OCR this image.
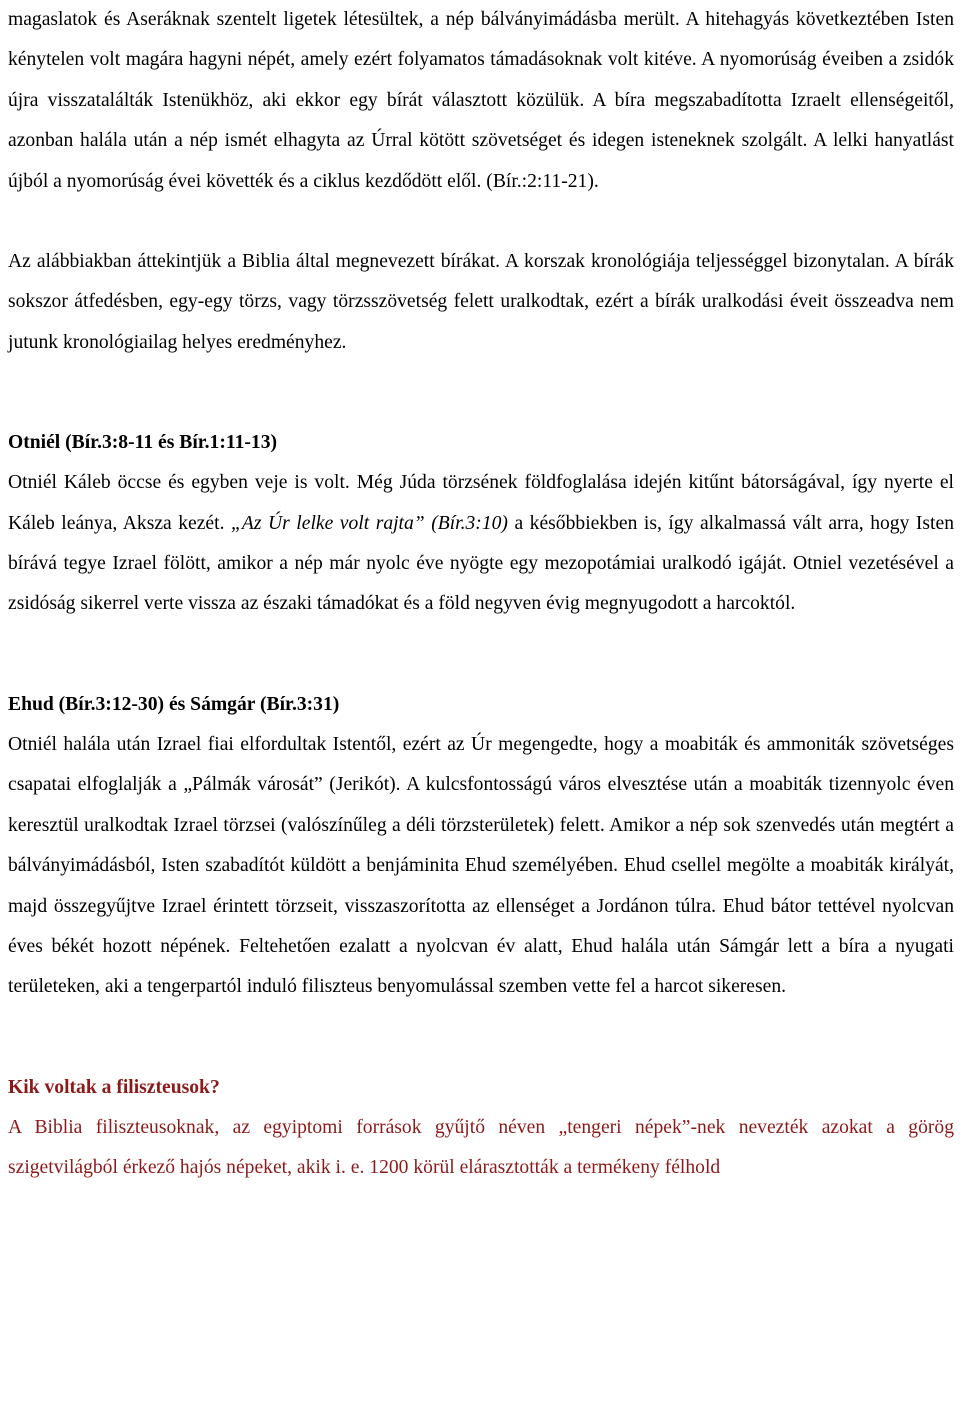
magaslatok és Aseráknak szentelt ligetek létesültek, a nép bálványimádásba merült. A hitehagyás következtében Isten kénytelen volt magára hagyni népét, amely ezért folyamatos támadásoknak volt kitéve. A nyomorúság éveiben a zsidók újra visszatalálták Istenükhöz, aki ekkor egy bírát választott közülük. A bíra megszabadította Izraelt ellenségeitől, azonban halála után a nép ismét elhagyta az Úrral kötött szövetséget és idegen isteneknek szolgált. A lelki hanyatlást újból a nyomorúság évei követték és a ciklus kezdődött elől. (Bír.:2:11-21).

Az alábbiakban áttekintjük a Biblia által megnevezett bírákat. A korszak kronológiája teljességgel bizonytalan. A bírák sokszor átfedésben, egy-egy törzs, vagy törzsszövetség felett uralkodtak, ezért a bírák uralkodási éveit összeadva nem jutunk kronológiailag helyes eredményhez.

Otniél (Bír.3:8-11 és Bír.1:11-13)

Otniél Káleb öccse és egyben veje is volt. Még Júda törzsének földfoglalása idején kitűnt bátorságával, így nyerte el Káleb leánya, Aksza kezét. „Az Úr lelke volt rajta” (Bír.3:10) a későbbiekben is, így alkalmassá vált arra, hogy Isten bírává tegye Izrael fölött, amikor a nép már nyolc éve nyögte egy mezopotámiai uralkodó igáját. Otniel vezetésével a zsidóság sikerrel verte vissza az északi támadókat és a föld negyven évig megnyugodott a harcoktól.

Ehud (Bír.3:12-30) és Sámgár (Bír.3:31)

Otniél halála után Izrael fiai elfordultak Istentől, ezért az Úr megengedte, hogy a moabiták és ammoniták szövetséges csapatai elfoglalják a „Pálmák városát” (Jerikót). A kulcsfontosságú város elvesztése után a moabiták tizennyolc éven keresztül uralkodtak Izrael törzsei (valószínűleg a déli törzsterületek) felett. Amikor a nép sok szenvedés után megtért a bálványimádásból, Isten szabadítót küldött a benjáminita Ehud személyében. Ehud csellel megölte a moabiták királyát, majd összegyűjtve Izrael érintett törzseit, visszaszorította az ellenséget a Jordánon túlra. Ehud bátor tettével nyolcvan éves békét hozott népének. Feltehetően ezalatt a nyolcvan év alatt, Ehud halála után Sámgár lett a bíra a nyugati területeken, aki a tengerpartól induló filiszteus benyomulással szemben vette fel a harcot sikeresen.

Kik voltak a filiszteusok?

A Biblia filiszteusoknak, az egyiptomi források gyűjtő néven „tengeri népek”-nek nevezték azokat a görög szigetvilágból érkező hajós népeket, akik i. e. 1200 körül elárasztották a termékeny félhold
